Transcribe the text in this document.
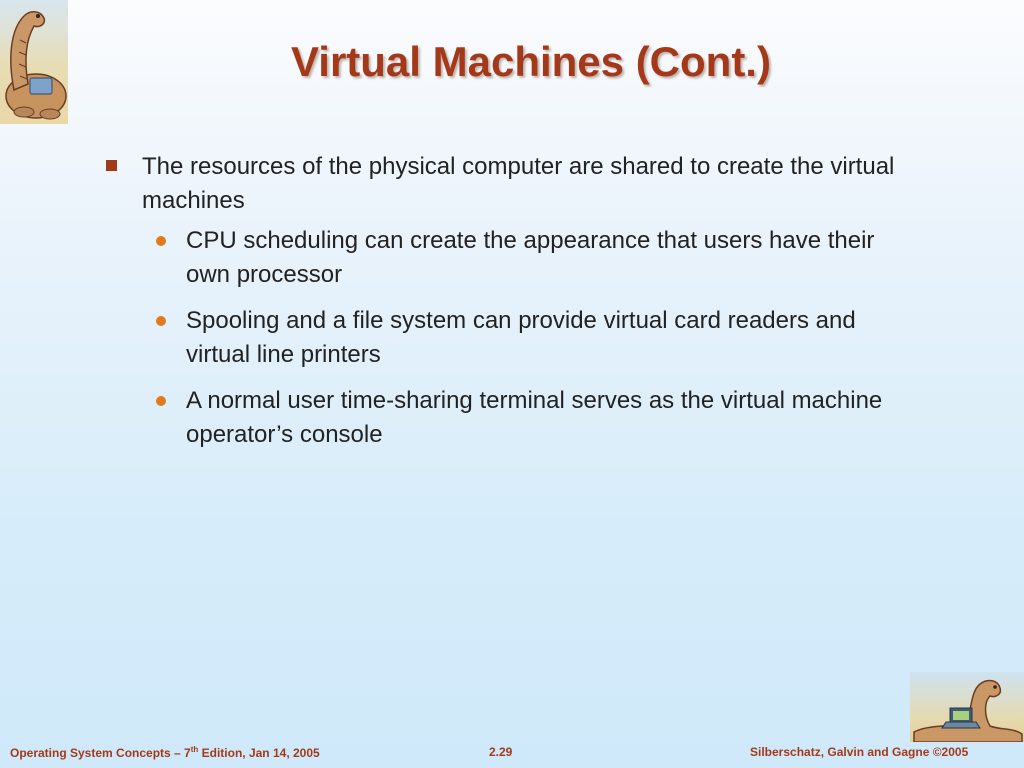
Virtual Machines (Cont.)
The resources of the physical computer are shared to create the virtual machines
CPU scheduling can create the appearance that users have their own processor
Spooling and a file system can provide virtual card readers and virtual line printers
A normal user time-sharing terminal serves as the virtual machine operator’s console
Operating System Concepts – 7th Edition, Jan 14, 2005	2.29	Silberschatz, Galvin and Gagne ©2005
